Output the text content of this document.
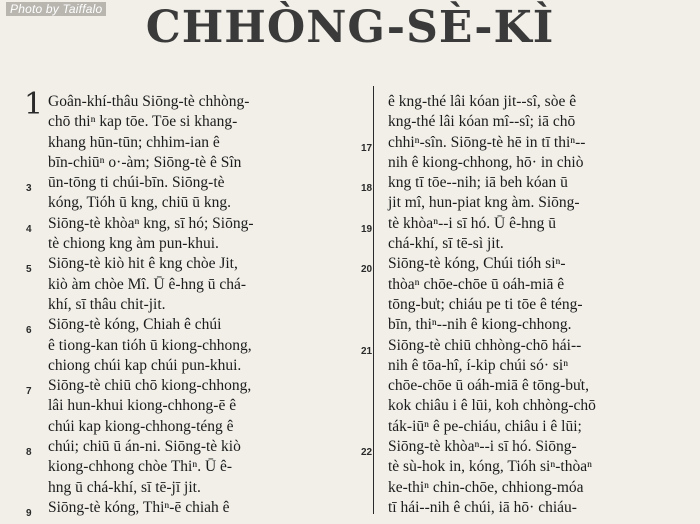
Photo by Taiffalo CHHÒNG-SÈ-KÌ
1 Goân-khí-thâu Siōng-tè chhòng-
chō thiⁿ kap tōe. Tōe si khang-
khang hūn-tūn; chhim-ian ê
bīn-chiūⁿ o·-àm; Siōng-tè ê Sîn
3 ūn-tōng ti chúi-bīn. Siōng-tè
kóng, Tióh ū kng, chiū ū kng.
4 Siōng-tè khòaⁿ kng, sī hó; Siōng-
tè chiong kng àm pun-khui.
5 Siōng-tè kiò hit ê kng chòe Jit,
kiò àm chòe Mî. Ū ê-hng ū chá-
khí, sī thâu chit-jit.
6 Siōng-tè kóng, Chiah ê chúi
ê tiong-kan tióh ū kiong-chhong,
chiong chúi kap chúi pun-khui.
7 Siōng-tè chiū chō kiong-chhong,
lâi hun-khui kiong-chhong-ē ê
chúi kap kiong-chhong-téng ê
8 chúi; chiū ū án-ni. Siōng-tè kiò
kiong-chhong chòe Thiⁿ. Ū ê-
hng ū chá-khí, sī tē-jī jit.
9 Siōng-tè kóng, Thiⁿ-ē chiah ê
ê kng-thé lâi kóan jit--sî, sòe ê
kng-thé lâi kóan mî--sî; iā chō
17 chhiⁿ-sîn. Siōng-tè hē in tī thiⁿ--
nih ê kiong-chhong, hō· in chiò
18 kng tī tōe--nih; iā beh kóan ū
jit mî, hun-piat kng àm. Siōng-
19 tè khòaⁿ--i sī hó. Ū ê-hng ū
chá-khí, sī tē-sì jit.
20 Siōng-tè kóng, Chúi tióh siⁿ-
thòaⁿ chōe-chōe ū oáh-miā ê
tōng-bu̍t; chiáu pe ti tōe ê téng-
bīn, thiⁿ--nih ê kiong-chhong.
21 Siōng-tè chiū chhòng-chō hái--
nih ê tōa-hî, í-kip chúi só· siⁿ
chōe-chōe ū oáh-miā ê tōng-bu̍t,
kok chiâu i ê lūi, koh chhòng-chō
ták-iūⁿ ê pe-chiáu, chiâu i ê lūi;
22 Siōng-tè khòaⁿ--i sī hó. Siōng-
tè sù-hok in, kóng, Tióh siⁿ-thòaⁿ
ke-thiⁿ chin-chōe, chhiong-móa
tī hái--nih ê chúi, iā hō· chiáu-
